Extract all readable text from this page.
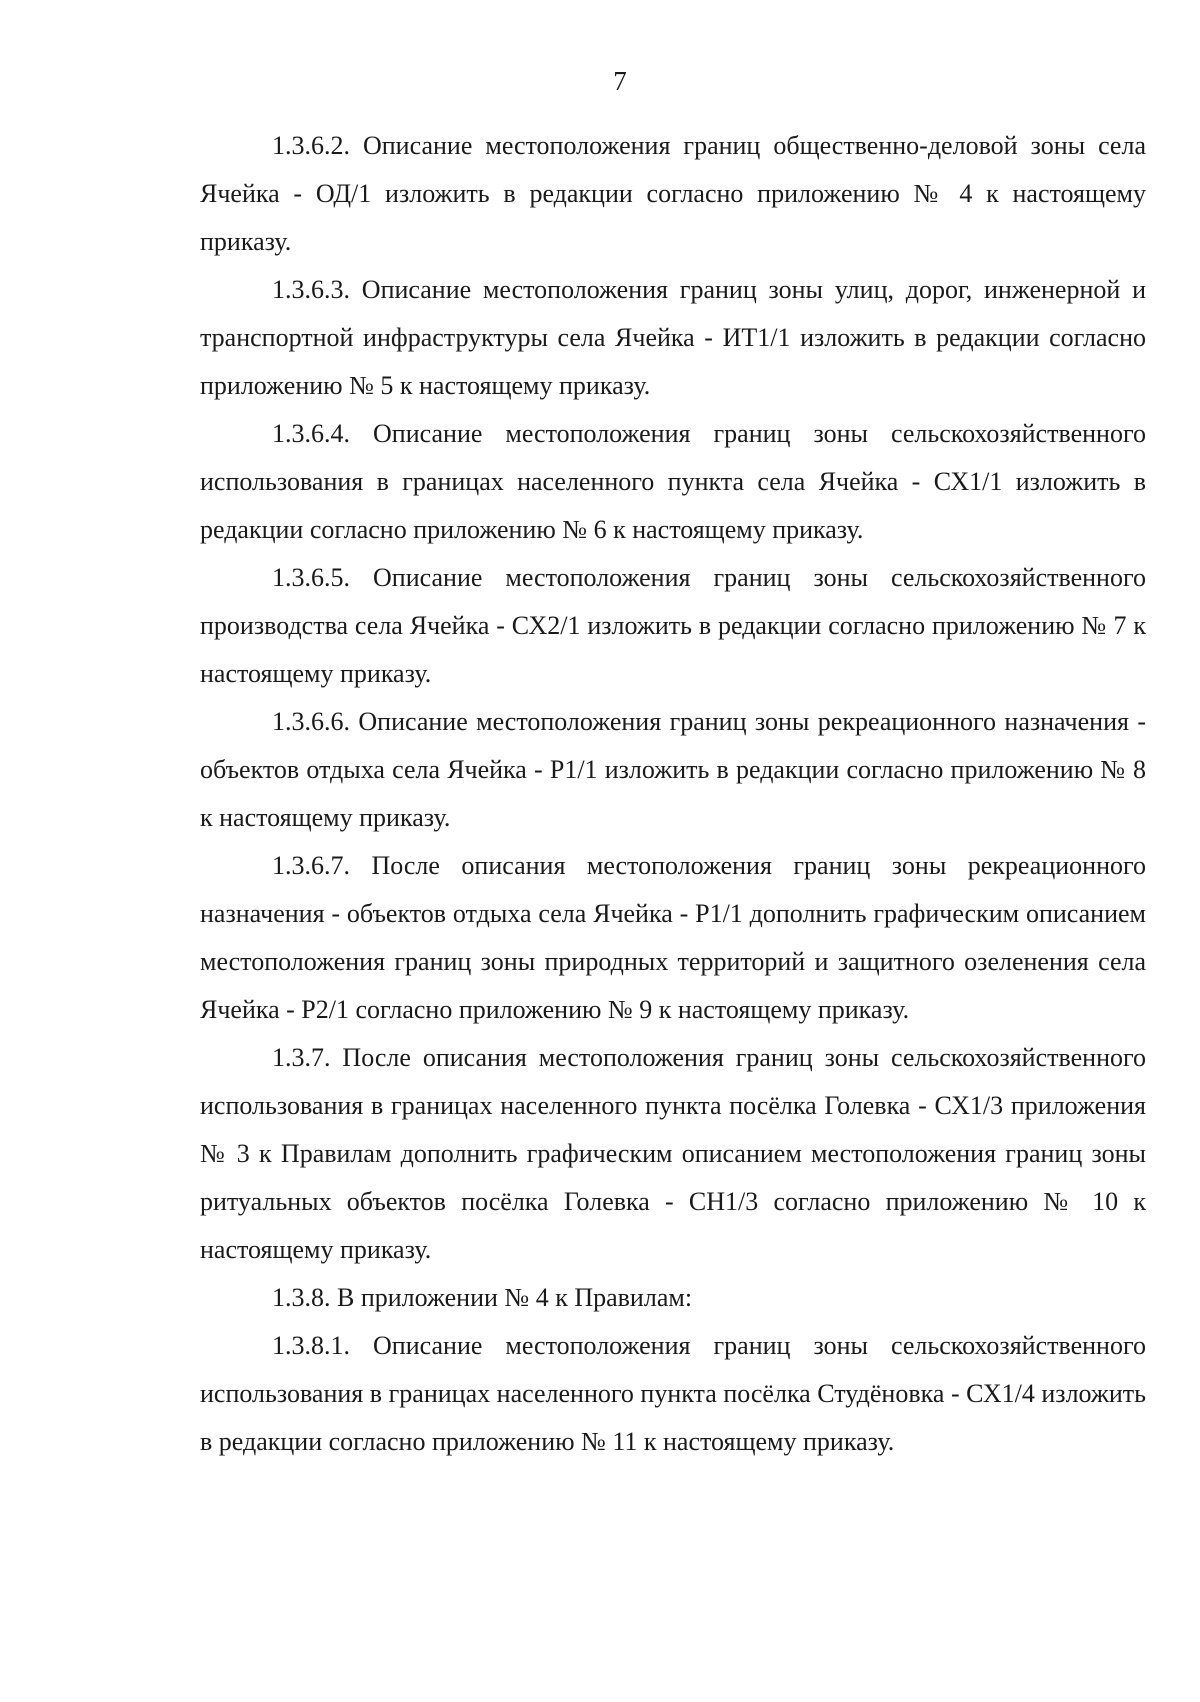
7

1.3.6.2. Описание местоположения границ общественно-деловой зоны села Ячейка - ОД/1 изложить в редакции согласно приложению № 4 к настоящему приказу.

1.3.6.3. Описание местоположения границ зоны улиц, дорог, инженерной и транспортной инфраструктуры села Ячейка - ИТ1/1 изложить в редакции согласно приложению № 5 к настоящему приказу.

1.3.6.4. Описание местоположения границ зоны сельскохозяйственного использования в границах населенного пункта села Ячейка - СХ1/1 изложить в редакции согласно приложению № 6 к настоящему приказу.

1.3.6.5. Описание местоположения границ зоны сельскохозяйственного производства села Ячейка - СХ2/1 изложить в редакции согласно приложению № 7 к настоящему приказу.

1.3.6.6. Описание местоположения границ зоны рекреационного назначения - объектов отдыха села Ячейка - Р1/1 изложить в редакции согласно приложению № 8 к настоящему приказу.

1.3.6.7. После описания местоположения границ зоны рекреационного назначения - объектов отдыха села Ячейка - Р1/1 дополнить графическим описанием местоположения границ зоны природных территорий и защитного озеленения села Ячейка - Р2/1 согласно приложению № 9 к настоящему приказу.

1.3.7. После описания местоположения границ зоны сельскохозяйственного использования в границах населенного пункта посёлка Голевка - СХ1/3 приложения № 3 к Правилам дополнить графическим описанием местоположения границ зоны ритуальных объектов посёлка Голевка - СН1/3 согласно приложению № 10 к настоящему приказу.

1.3.8. В приложении № 4 к Правилам:

1.3.8.1. Описание местоположения границ зоны сельскохозяйственного использования в границах населенного пункта посёлка Студёновка - СХ1/4 изложить в редакции согласно приложению № 11 к настоящему приказу.
